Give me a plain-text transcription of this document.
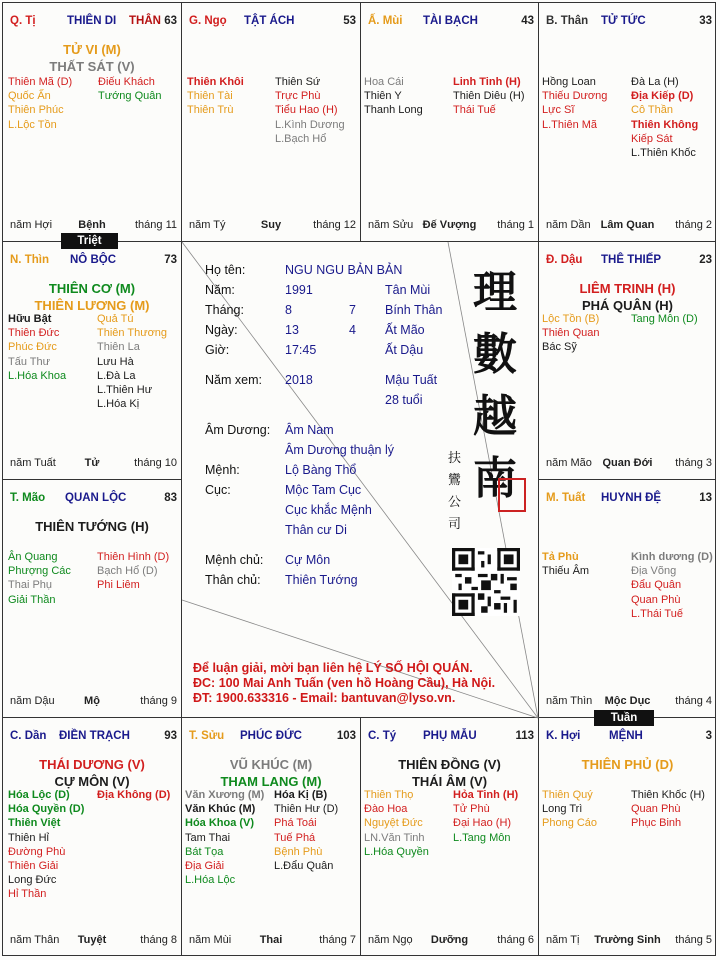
Q. Tị	THIÊN DI THÂN 63
TỬ VI (M)
THẤT SÁT (V)
Thiên Mã (D)
Quốc Ấn
Thiên Phúc
L.Lộc Tồn
Điếu Khách
Tướng Quân
năm Hợi	Bệnh	tháng 11
G. Ngọ TẬT ÁCH	53
Thiên Khôi
Thiên Tài
Thiên Trù
Thiên Sứ
Trực Phù
Tiểu Hao (H)
L.Kình Dương
L.Bạch Hổ
năm Tý	Suy	tháng 12
Ấ. Mùi TÀI BẠCH	43
Hoa Cái
Thiên Y
Thanh Long
Linh Tinh (H)
Thiên Diêu (H)
Thái Tuế
năm Sửu Đế Vượng	tháng 1
B. Thân TỬ TỨC	33
Hồng Loan
Thiếu Dương
Lực Sĩ
L.Thiên Mã
Đà La (H)
Địa Kiếp (D)
Cô Thần
Thiên Không
Kiếp Sát
L.Thiên Khốc
năm Dần Lâm Quan	tháng 2
N. Thìn NÔ BỘC	73
THIÊN CƠ (M)
THIÊN LƯƠNG (M)
Hữu Bật
Thiên Đức
Phúc Đức
Tấu Thư
L.Hóa Khoa
Quả Tú
Thiên Thương
Thiên La
Lưu Hà
L.Đà La
L.Thiên Hư
L.Hóa Kị
năm Tuất	Tử	tháng 10
Đ. Dậu THÊ THIẾP	23
LIÊM TRINH (H)
PHÁ QUÂN (H)
Lộc Tồn (B)
Thiên Quan
Bác Sỹ
Tang Môn (D)
năm Mão Quan Đới	tháng 3
T. Mão QUAN LỘC	83
THIÊN TƯỚNG (H)
Ân Quang
Phượng Các
Thai Phụ
Giải Thần
Thiên Hình (D)
Bạch Hổ (D)
Phi Liêm
năm Dậu	Mộ	tháng 9
M. Tuất HUYNH ĐỆ	13
Tả Phù
Thiếu Âm
Kình dương (D)
Địa Võng
Đẩu Quân
Quan Phù
L.Thái Tuế
năm Thìn	Mộc Dục	tháng 4
C. Dần ĐIỀN TRẠCH	93
THÁI DƯƠNG (V)
CỰ MÔN (V)
Hóa Lộc (D)
Hóa Quyền (D)
Thiên Việt
Thiên Hỉ
Đường Phù
Thiên Giải
Long Đức
Hỉ Thần
Địa Không (D)
năm Thân	Tuyệt	tháng 8
T. Sửu PHÚC ĐỨC	103
VŨ KHÚC (M)
THAM LANG (M)
Văn Xương (M)
Văn Khúc (M)
Hóa Khoa (V)
Tam Thai
Bát Tọa
Địa Giải
L.Hóa Lộc
Hóa Kị (B)
Thiên Hư (D)
Phá Toái
Tuế Phá
Bệnh Phù
L.Đẩu Quân
năm Mùi	Thai	tháng 7
C. Tý PHỤ MẪU	113
THIÊN ĐỒNG (V)
THÁI ÂM (V)
Thiên Thọ
Đào Hoa
Nguyệt Đức
LN.Văn Tinh
L.Hóa Quyền
Hỏa Tinh (H)
Tử Phù
Đại Hao (H)
L.Tang Môn
năm Ngọ	Dưỡng	tháng 6
K. Hợi MỆNH	3
THIÊN PHỦ (D)
Thiên Quý
Long Trì
Phong Cáo
Thiên Khốc (H)
Quan Phù
Phục Binh
năm Tị	Trường Sinh	tháng 5
Triệt
Tuần
Họ tên:	NGU NGU BẢN BẢN
Năm:	1991	Tân Mùi
Tháng:	8	7 Bính Thân
Ngày:	13	4 Ất Mão
Giờ:	17:45	Ất Dậu
Năm xem: 2018	Mậu Tuất
28 tuổi
Âm Dương: Âm Nam
Âm Dương thuận lý
Mệnh:	Lộ Bàng Thổ
Cục:	Mộc Tam Cục
Cục khắc Mệnh
Thân cư Di
Mệnh chủ: Cự Môn
Thân chủ: Thiên Tướng
理
數
越
南
扶 鸞 公 司
Để luận giải, mời bạn liên hệ LÝ SỐ HỘI QUÁN.
ĐC: 100 Mai Anh Tuấn (ven hồ Hoàng Cầu), Hà Nội.
ĐT: 1900.633316 - Email: bantuvan@lyso.vn.
